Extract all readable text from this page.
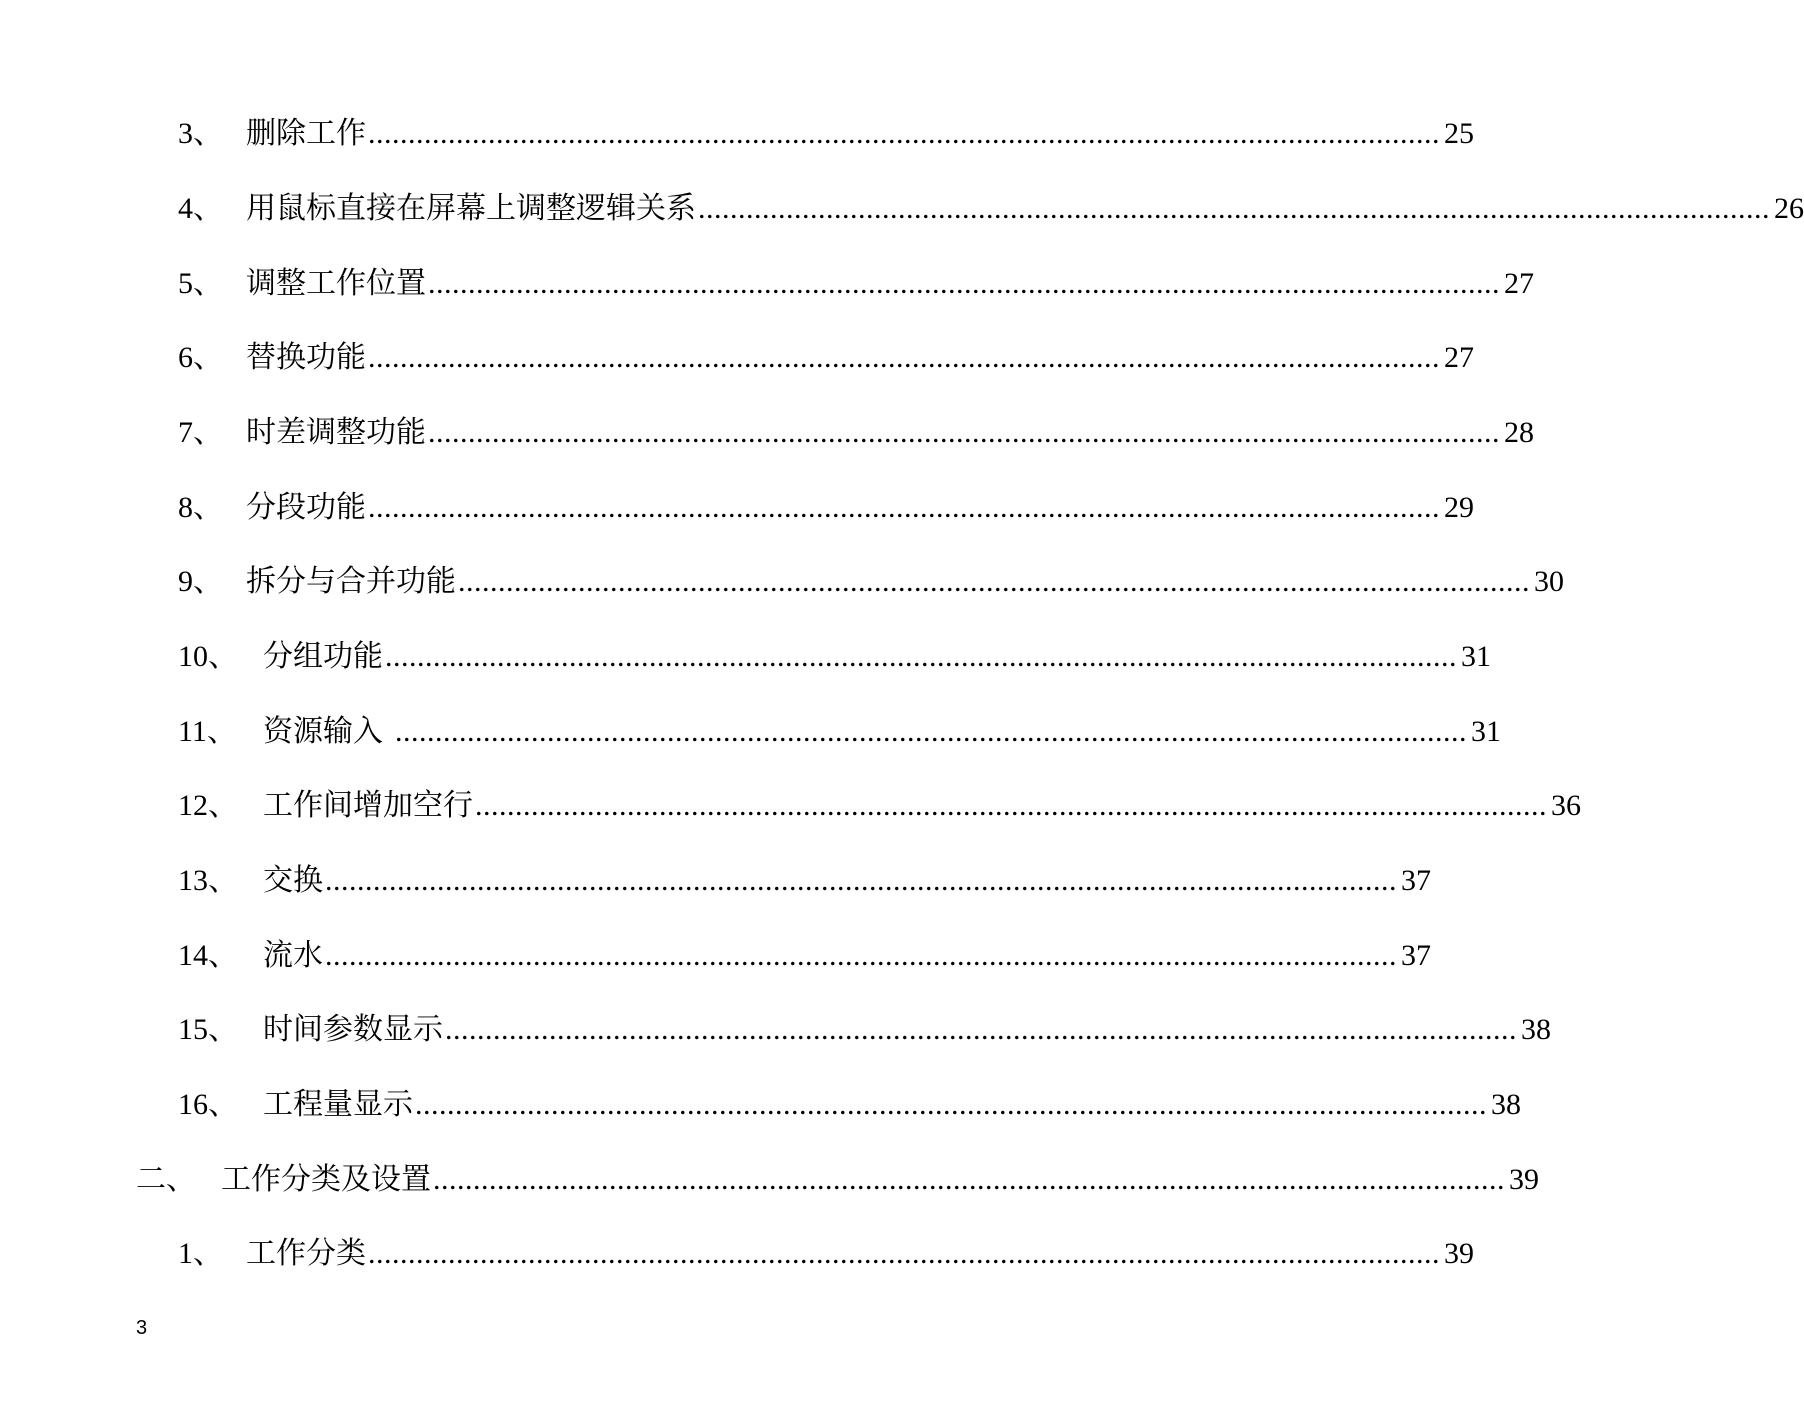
3、 删除工作 ...................................................................................................................................... 25
4、 用鼠标直接在屏幕上调整逻辑关系 ...................................................................................................................................... 26
5、 调整工作位置 ...................................................................................................................................... 27
6、 替换功能 ...................................................................................................................................... 27
7、 时差调整功能 ...................................................................................................................................... 28
8、 分段功能 ...................................................................................................................................... 29
9、 拆分与合并功能 ...................................................................................................................................... 30
10、 分组功能 ...................................................................................................................................... 31
11、 资源输入 ...................................................................................................................................... 31
12、 工作间增加空行 ...................................................................................................................................... 36
13、 交换 ...................................................................................................................................... 37
14、 流水 ...................................................................................................................................... 37
15、 时间参数显示 ...................................................................................................................................... 38
16、 工程量显示 ...................................................................................................................................... 38
二、 工作分类及设置 ...................................................................................................................................... 39
1、 工作分类 ...................................................................................................................................... 39
3
